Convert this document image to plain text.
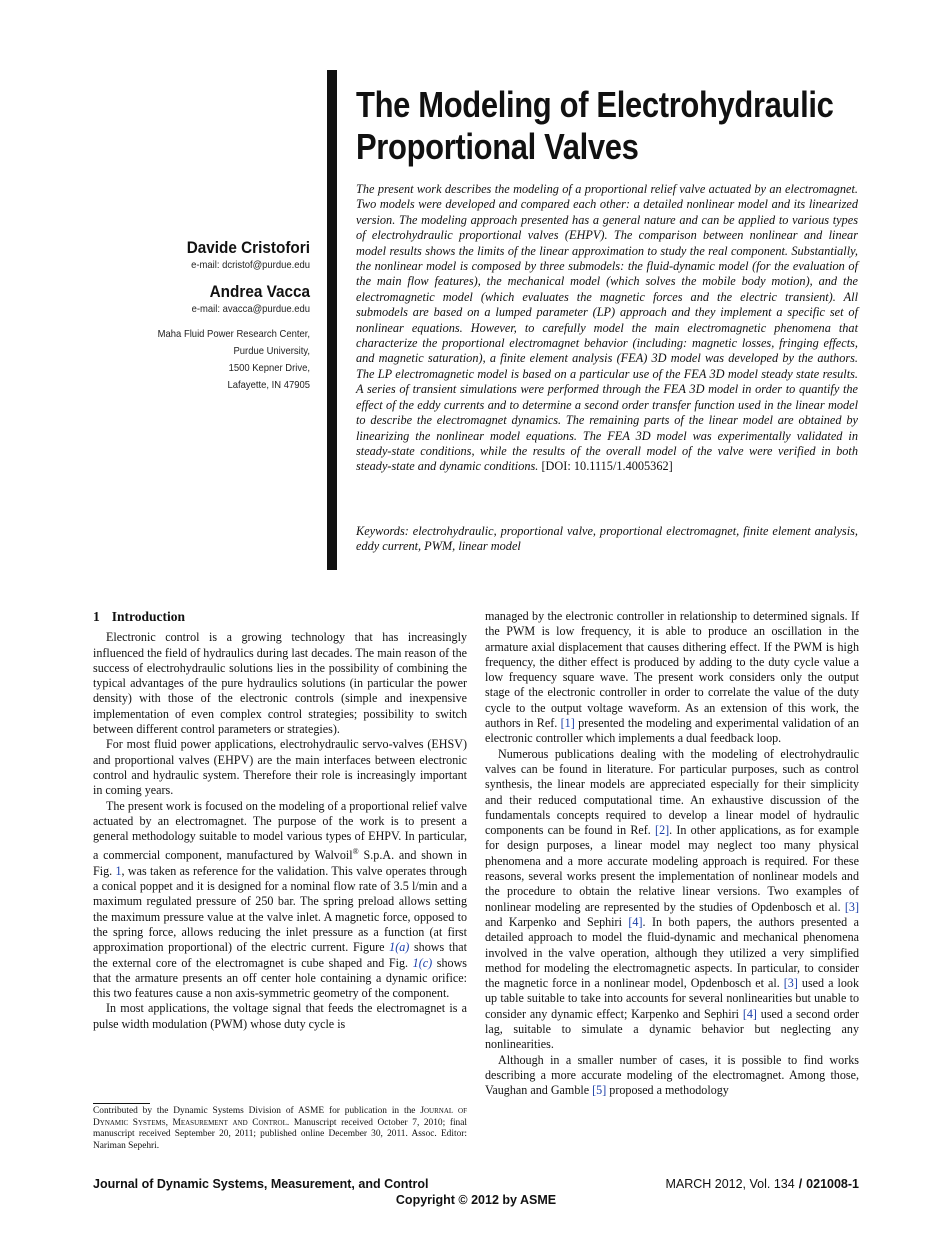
The Modeling of Electrohydraulic
Proportional Valves
Davide Cristofori
e-mail: dcristof@purdue.edu
Andrea Vacca
e-mail: avacca@purdue.edu
Maha Fluid Power Research Center,
Purdue University,
1500 Kepner Drive,
Lafayette, IN 47905

The present work describes the modeling of a proportional relief valve actuated by an electromagnet. Two models were developed and compared each other: a detailed nonlinear model and its linearized version. The modeling approach presented has a general nature and can be applied to various types of electrohydraulic proportional valves (EHPV). The comparison between nonlinear and linear model results shows the limits of the linear approximation to study the real component. Substantially, the nonlinear model is composed by three submodels: the fluid-dynamic model (for the evaluation of the main flow features), the mechanical model (which solves the mobile body motion), and the electromagnetic model (which evaluates the magnetic forces and the electric transient). All submodels are based on a lumped parameter (LP) approach and they implement a specific set of nonlinear equations. However, to carefully model the main electromagnetic phenomena that characterize the proportional electromagnet behavior (including: magnetic losses, fringing effects, and magnetic saturation), a finite element analysis (FEA) 3D model was developed by the authors. The LP electromagnetic model is based on a particular use of the FEA 3D model steady state results. A series of transient simulations were performed through the FEA 3D model in order to quantify the effect of the eddy currents and to determine a second order transfer function used in the linear model to describe the electromagnet dynamics. The remaining parts of the linear model are obtained by linearizing the nonlinear model equations. The FEA 3D model was experimentally validated in steady-state conditions, while the results of the overall model of the valve were verified in both steady-state and dynamic conditions. [DOI: 10.1115/1.4005362]

Keywords: electrohydraulic, proportional valve, proportional electromagnet, finite element analysis, eddy current, PWM, linear model

1 Introduction

Electronic control is a growing technology that has increasingly influenced the field of hydraulics during last decades. The main reason of the success of electrohydraulic solutions lies in the possibility of combining the typical advantages of the pure hydraulics solutions (in particular the power density) with those of the electronic controls (simple and inexpensive implementation of even complex control strategies; possibility to switch between different control parameters or strategies).

For most fluid power applications, electrohydraulic servo-valves (EHSV) and proportional valves (EHPV) are the main interfaces between electronic control and hydraulic system. Therefore their role is increasingly important in coming years.

The present work is focused on the modeling of a proportional relief valve actuated by an electromagnet. The purpose of the work is to present a general methodology suitable to model various types of EHPV. In particular, a commercial component, manufactured by Walvoil® S.p.A. and shown in Fig. 1, was taken as reference for the validation. This valve operates through a conical poppet and it is designed for a nominal flow rate of 3.5 l/min and a maximum regulated pressure of 250 bar. The spring preload allows setting the maximum pressure value at the valve inlet. A magnetic force, opposed to the spring force, allows reducing the inlet pressure as a function (at first approximation proportional) of the electric current. Figure 1(a) shows that the external core of the electromagnet is cube shaped and Fig. 1(c) shows that the armature presents an off center hole containing a dynamic orifice: this two features cause a non axis-symmetric geometry of the component.

In most applications, the voltage signal that feeds the electromagnet is a pulse width modulation (PWM) whose duty cycle is

Contributed by the Dynamic Systems Division of ASME for publication in the Journal of Dynamic Systems, Measurement and Control. Manuscript received October 7, 2010; final manuscript received September 20, 2011; published online December 30, 2011. Assoc. Editor: Nariman Sepehri.

managed by the electronic controller in relationship to determined signals. If the PWM is low frequency, it is able to produce an oscillation in the armature axial displacement that causes dithering effect. If the PWM is high frequency, the dither effect is produced by adding to the duty cycle value a low frequency square wave. The present work considers only the output stage of the electronic controller in order to correlate the value of the duty cycle to the output voltage waveform. As an extension of this work, the authors in Ref. [1] presented the modeling and experimental validation of an electronic controller which implements a dual feedback loop.

Numerous publications dealing with the modeling of electrohydraulic valves can be found in literature. For particular purposes, such as control synthesis, the linear models are appreciated especially for their simplicity and their reduced computational time. An exhaustive discussion of the fundamentals concepts required to develop a linear model of hydraulic components can be found in Ref. [2]. In other applications, as for example for design purposes, a linear model may neglect too many physical phenomena and a more accurate modeling approach is required. For these reasons, several works present the implementation of nonlinear models and the procedure to obtain the relative linear versions. Two examples of nonlinear modeling are represented by the studies of Opdenbosch et al. [3] and Karpenko and Sephiri [4]. In both papers, the authors presented a detailed approach to model the fluid-dynamic and mechanical phenomena involved in the valve operation, although they utilized a very simplified method for modeling the electromagnetic aspects. In particular, to consider the magnetic force in a nonlinear model, Opdenbosch et al. [3] used a look up table suitable to take into accounts for several nonlinearities but unable to consider any dynamic effect; Karpenko and Sephiri [4] used a second order lag, suitable to simulate a dynamic behavior but neglecting any nonlinearities.

Although in a smaller number of cases, it is possible to find works describing a more accurate modeling of the electromagnet. Among those, Vaughan and Gamble [5] proposed a methodology

Journal of Dynamic Systems, Measurement, and Control	MARCH 2012, Vol. 134 / 021008-1
Copyright © 2012 by ASME
